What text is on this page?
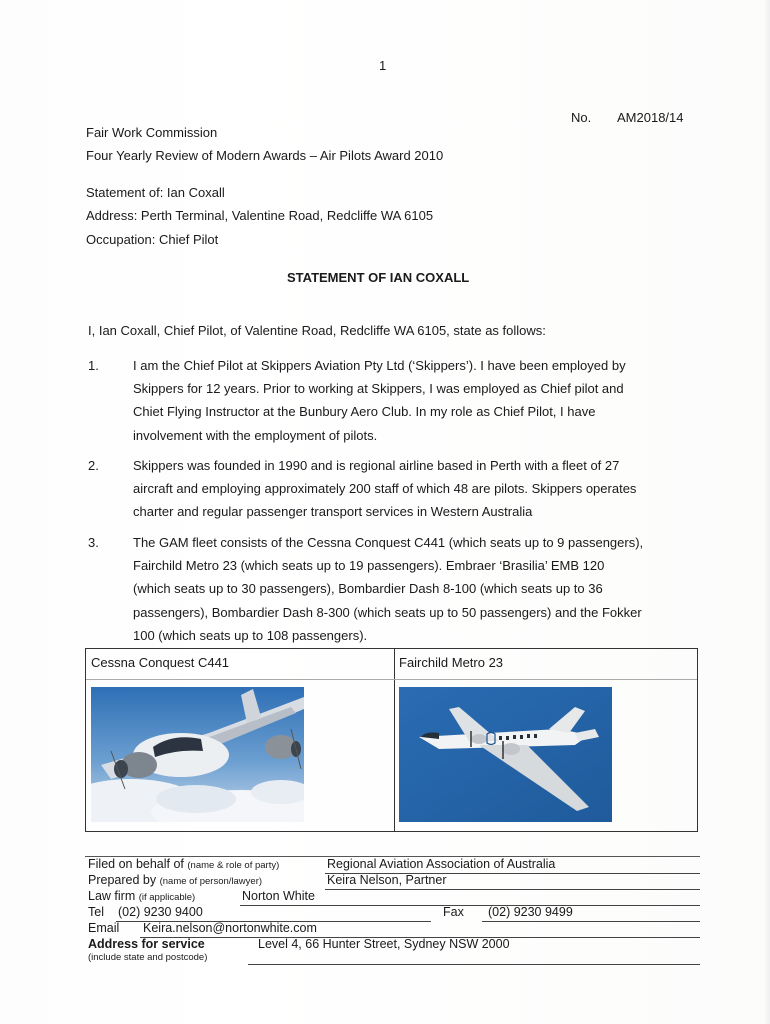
1
No. AM2018/14
Fair Work Commission
Four Yearly Review of Modern Awards – Air Pilots Award 2010
Statement of: Ian Coxall
Address: Perth Terminal, Valentine Road, Redcliffe WA 6105
Occupation: Chief Pilot
STATEMENT OF IAN COXALL
I, Ian Coxall, Chief Pilot, of Valentine Road, Redcliffe WA 6105, state as follows:
1.	I am the Chief Pilot at Skippers Aviation Pty Ltd (‘Skippers’). I have been employed by
Skippers for 12 years. Prior to working at Skippers, I was employed as Chief pilot and
Chiet Flying Instructor at the Bunbury Aero Club. In my role as Chief Pilot, I have
involvement with the employment of pilots.
2.	Skippers was founded in 1990 and is regional airline based in Perth with a fleet of 27
aircraft and employing approximately 200 staff of which 48 are pilots. Skippers operates
charter and regular passenger transport services in Western Australia
3.	The GAM fleet consists of the Cessna Conquest C441 (which seats up to 9 passengers),
Fairchild Metro 23 (which seats up to 19 passengers). Embraer ‘Brasilia’ EMB 120
(which seats up to 30 passengers), Bombardier Dash 8-100 (which seats up to 36
passengers), Bombardier Dash 8-300 (which seats up to 50 passengers) and the Fokker
100 (which seats up to 108 passengers).
Cessna Conquest C441	Fairchild Metro 23
Filed on behalf of (name & role of party)	Regional Aviation Association of Australia
Prepared by (name of person/lawyer)	Keira Nelson, Partner
Law firm (if applicable)	Norton White
Tel (02) 9230 9400	Fax (02) 9230 9499
Email Keira.nelson@nortonwhite.com
Address for service	Level 4, 66 Hunter Street, Sydney NSW 2000
(include state and postcode)
